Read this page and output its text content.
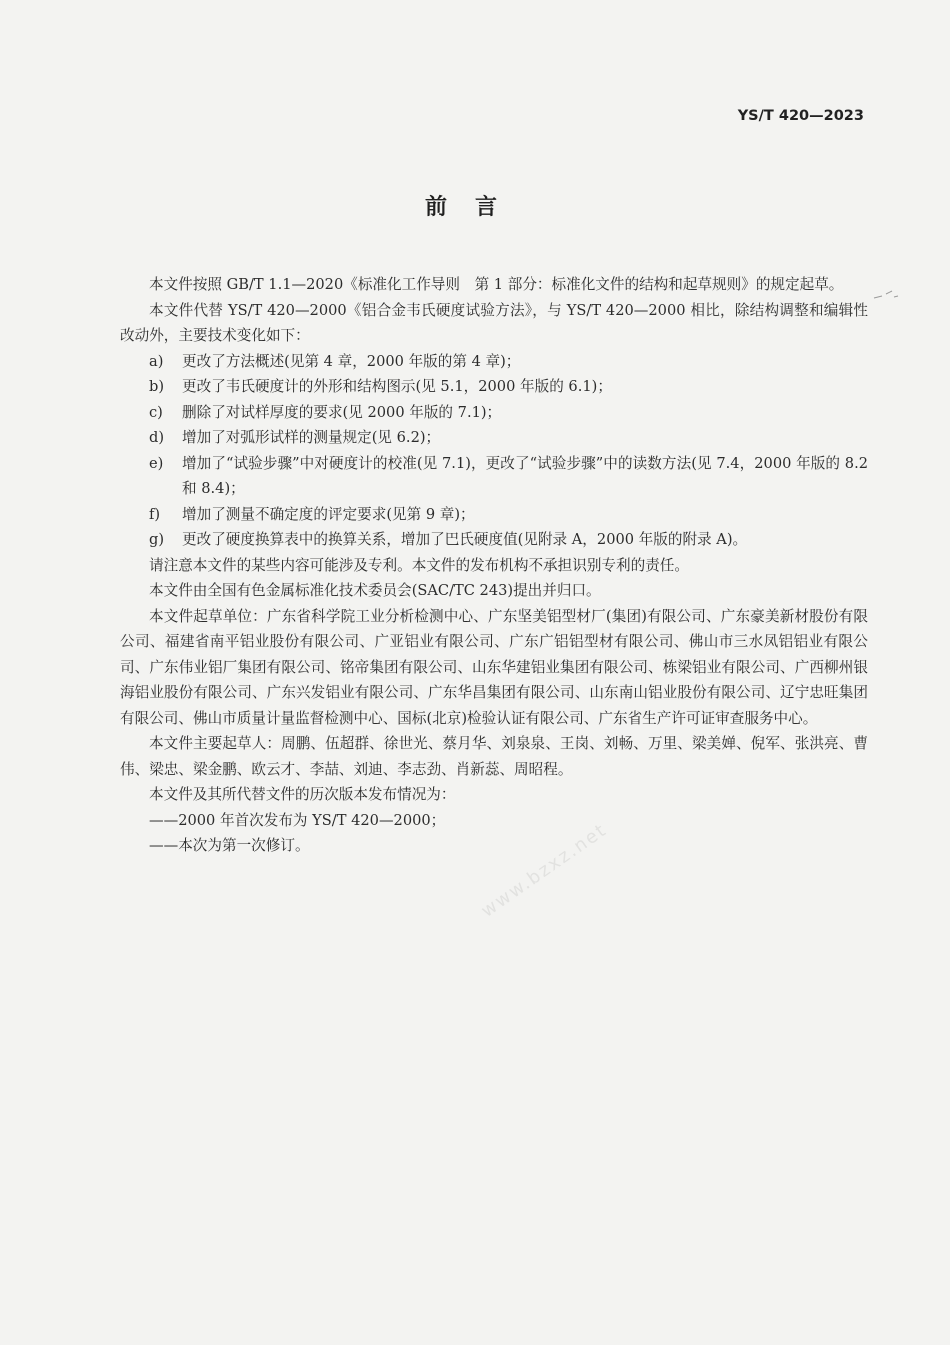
YS/T 420—2023
前言

本文件按照 GB/T 1.1—2020《标准化工作导则　第 1 部分：标准化文件的结构和起草规则》的规定起草。

本文件代替 YS/T 420—2000《铝合金韦氏硬度试验方法》，与 YS/T 420—2000 相比，除结构调整和编辑性改动外，主要技术变化如下：

a)	更改了方法概述(见第 4 章，2000 年版的第 4 章)；
b)	更改了韦氏硬度计的外形和结构图示(见 5.1，2000 年版的 6.1)；
c)	删除了对试样厚度的要求(见 2000 年版的 7.1)；
d)	增加了对弧形试样的测量规定(见 6.2)；
e)	增加了“试验步骤”中对硬度计的校准(见 7.1)，更改了“试验步骤”中的读数方法(见 7.4，2000 年版的 8.2 和 8.4)；
f)	增加了测量不确定度的评定要求(见第 9 章)；
g)	更改了硬度换算表中的换算关系，增加了巴氏硬度值(见附录 A，2000 年版的附录 A)。

请注意本文件的某些内容可能涉及专利。本文件的发布机构不承担识别专利的责任。

本文件由全国有色金属标准化技术委员会(SAC/TC 243)提出并归口。

本文件起草单位：广东省科学院工业分析检测中心、广东坚美铝型材厂(集团)有限公司、广东豪美新材股份有限公司、福建省南平铝业股份有限公司、广亚铝业有限公司、广东广铝铝型材有限公司、佛山市三水凤铝铝业有限公司、广东伟业铝厂集团有限公司、铭帝集团有限公司、山东华建铝业集团有限公司、栋梁铝业有限公司、广西柳州银海铝业股份有限公司、广东兴发铝业有限公司、广东华昌集团有限公司、山东南山铝业股份有限公司、辽宁忠旺集团有限公司、佛山市质量计量监督检测中心、国标(北京)检验认证有限公司、广东省生产许可证审查服务中心。

本文件主要起草人：周鹏、伍超群、徐世光、蔡月华、刘泉泉、王岗、刘畅、万里、梁美婵、倪军、张洪亮、曹伟、梁忠、梁金鹏、欧云才、李喆、刘迪、李志劲、肖新蕊、周昭程。

本文件及其所代替文件的历次版本发布情况为：

——2000 年首次发布为 YS/T 420—2000；

——本次为第一次修订。	www.bzxz.net
